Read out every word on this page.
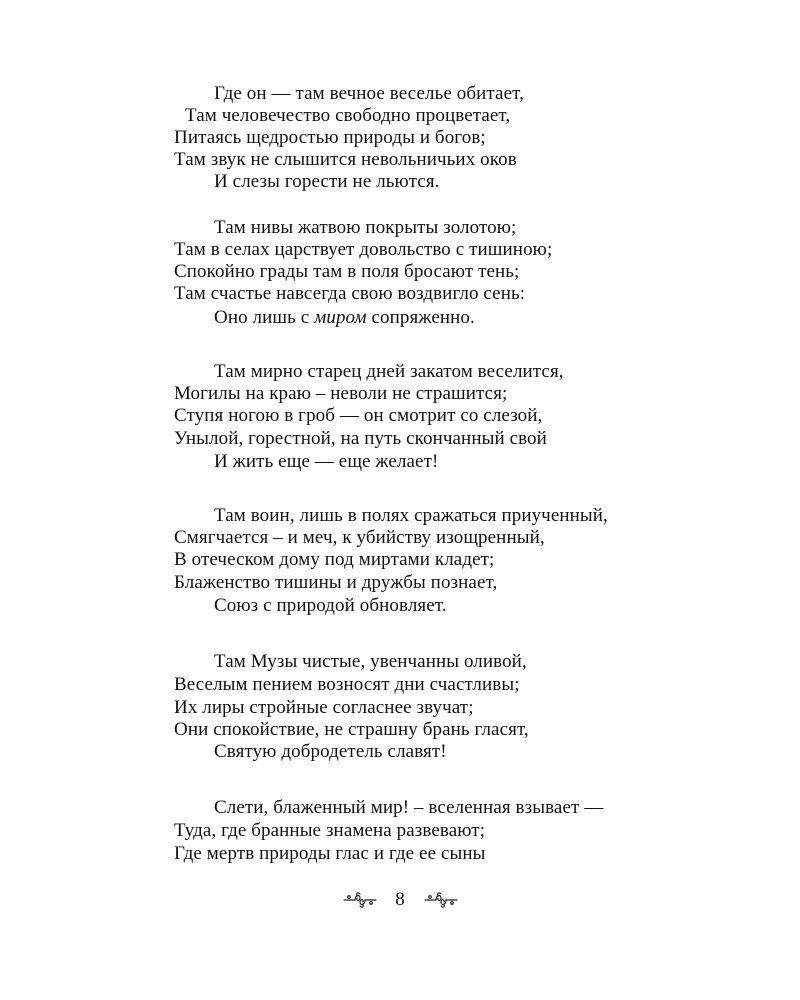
Где он — там вечное веселье обитает,
Там человечество свободно процветает,
Питаясь щедростью природы и богов;
Там звук не слышится невольничьих оков
И слезы горести не льются.
Там нивы жатвою покрыты золотою;
Там в селах царствует довольство с тишиною;
Спокойно грады там в поля бросают тень;
Там счастье навсегда свою воздвигло сень:
Оно лишь с миром сопряженно.
Там мирно старец дней закатом веселится,
Могилы на краю – неволи не страшится;
Ступя ногою в гроб — он смотрит со слезой,
Унылой, горестной, на путь скончанный свой
И жить еще — еще желает!
Там воин, лишь в полях сражаться приученный,
Смягчается – и меч, к убийству изощренный,
В отеческом дому под миртами кладет;
Блаженство тишины и дружбы познает,
Союз с природой обновляет.
Там Музы чистые, увенчанны оливой,
Веселым пением возносят дни счастливы;
Их лиры стройные согласнее звучат;
Они спокойствие, не страшну брань гласят,
Святую добродетель славят!
Слети, блаженный мир! – вселенная взывает —
Туда, где бранные знамена развевают;
Где мертв природы глас и где ее сыны
8
